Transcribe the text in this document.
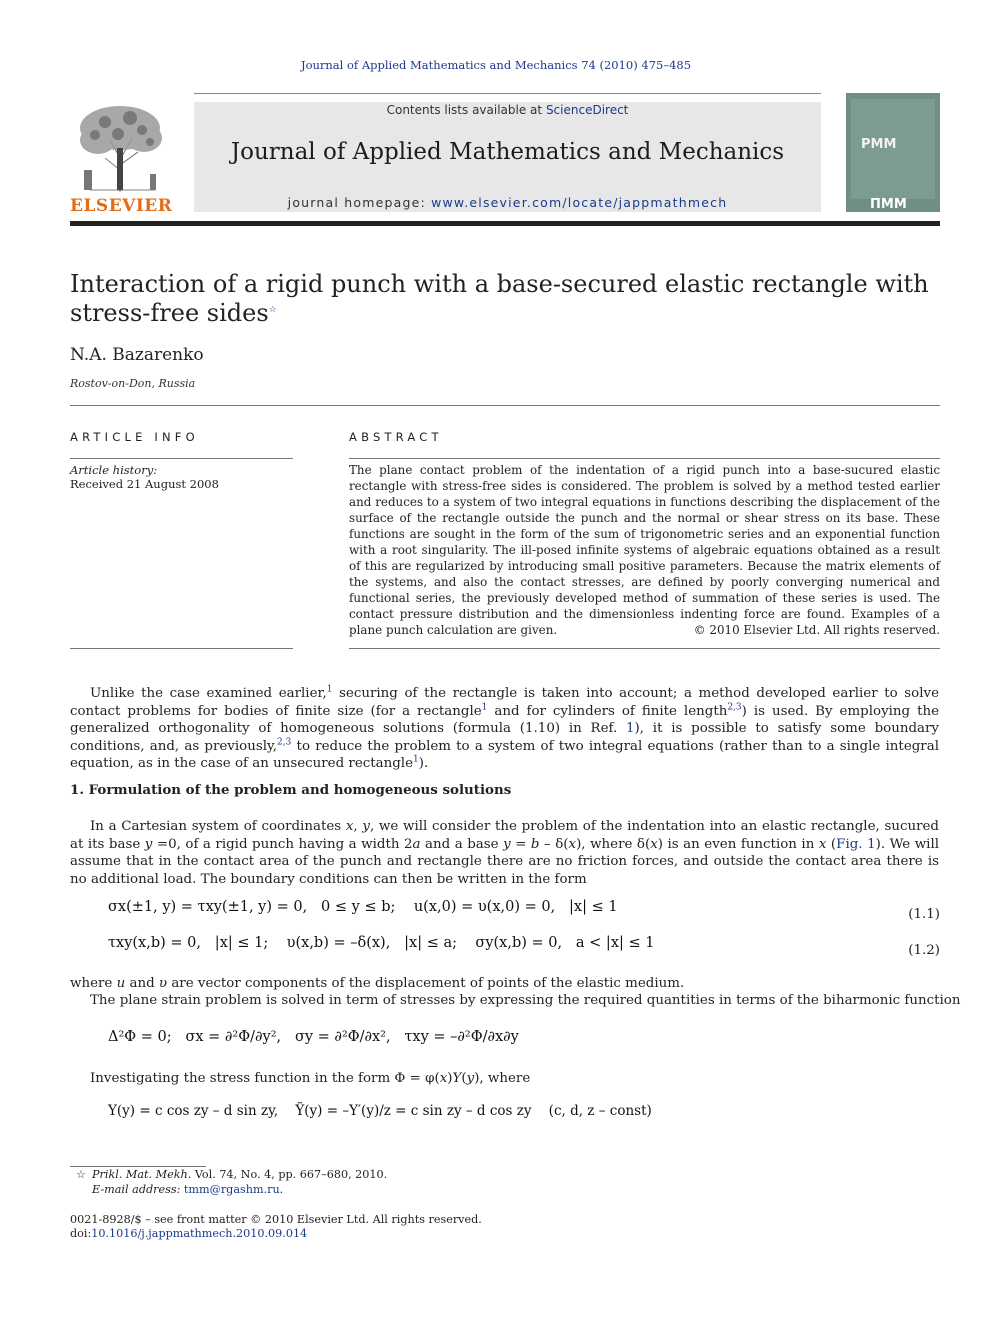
Journal of Applied Mathematics and Mechanics 74 (2010) 475–485
Contents lists available at ScienceDirect
Journal of Applied Mathematics and Mechanics
journal homepage: www.elsevier.com/locate/jappmathmech
ELSEVIER
PMM
ПММ
Interaction of a rigid punch with a base-secured elastic rectangle with stress-free sides☆
N.A. Bazarenko
Rostov-on-Don, Russia
ARTICLE INFO	ABSTRACT
Article history:
Received 21 August 2008
The plane contact problem of the indentation of a rigid punch into a base-sucured elastic rectangle with stress-free sides is considered. The problem is solved by a method tested earlier and reduces to a system of two integral equations in functions describing the displacement of the surface of the rectangle outside the punch and the normal or shear stress on its base. These functions are sought in the form of the sum of trigonometric series and an exponential function with a root singularity. The ill-posed infinite systems of algebraic equations obtained as a result of this are regularized by introducing small positive parameters. Because the matrix elements of the systems, and also the contact stresses, are defined by poorly converging numerical and functional series, the previously developed method of summation of these series is used. The contact pressure distribution and the dimensionless indenting force are found. Examples of a plane punch calculation are given.	© 2010 Elsevier Ltd. All rights reserved.

Unlike the case examined earlier,$^1$ securing of the rectangle is taken into account; a method developed earlier to solve contact problems for bodies of finite size (for a rectangle$^1$ and for cylinders of finite length$^{2,3}$) is used. By employing the generalized orthogonality of homogeneous solutions (formula (1.10) in Ref. 1), it is possible to satisfy some boundary conditions, and, as previously,$^{2,3}$ to reduce the problem to a system of two integral equations (rather than to a single integral equation, as in the case of an unsecured rectangle$^1$).

1. Formulation of the problem and homogeneous solutions

In a Cartesian system of coordinates x, y, we will consider the problem of the indentation into an elastic rectangle, sucured at its base y =0, of a rigid punch having a width 2a and a base y = b – δ(x), where δ(x) is an even function in x (Fig. 1). We will assume that in the contact area of the punch and rectangle there are no friction forces, and outside the contact area there is no additional load. The boundary conditions can then be written in the form

σx(±1, y) = τxy(±1, y) = 0,   0 ≤ y ≤ b;    u(x,0) = υ(x,0) = 0,   |x| ≤ 1	(1.1)
τxy(x,b) = 0,   |x| ≤ 1;    υ(x,b) = –δ(x),   |x| ≤ a;    σy(x,b) = 0,   a < |x| ≤ 1	(1.2)
where u and υ are vector components of the displacement of points of the elastic medium.
The plane strain problem is solved in term of stresses by expressing the required quantities in terms of the biharmonic function
Δ²Φ = 0;   σx = ∂²Φ/∂y²,   σy = ∂²Φ/∂x²,   τxy = –∂²Φ/∂x∂y
Investigating the stress function in the form Φ = φ(x)Y(y), where
Y(y) = c cos zy – d sin zy,    Ỹ(y) = –Y′(y)/z = c sin zy – d cos zy    (c, d, z – const)
☆ Prikl. Mat. Mekh. Vol. 74, No. 4, pp. 667–680, 2010.
E-mail address: tmm@rgashm.ru.
0021-8928/$ – see front matter © 2010 Elsevier Ltd. All rights reserved.
doi:10.1016/j.jappmathmech.2010.09.014
